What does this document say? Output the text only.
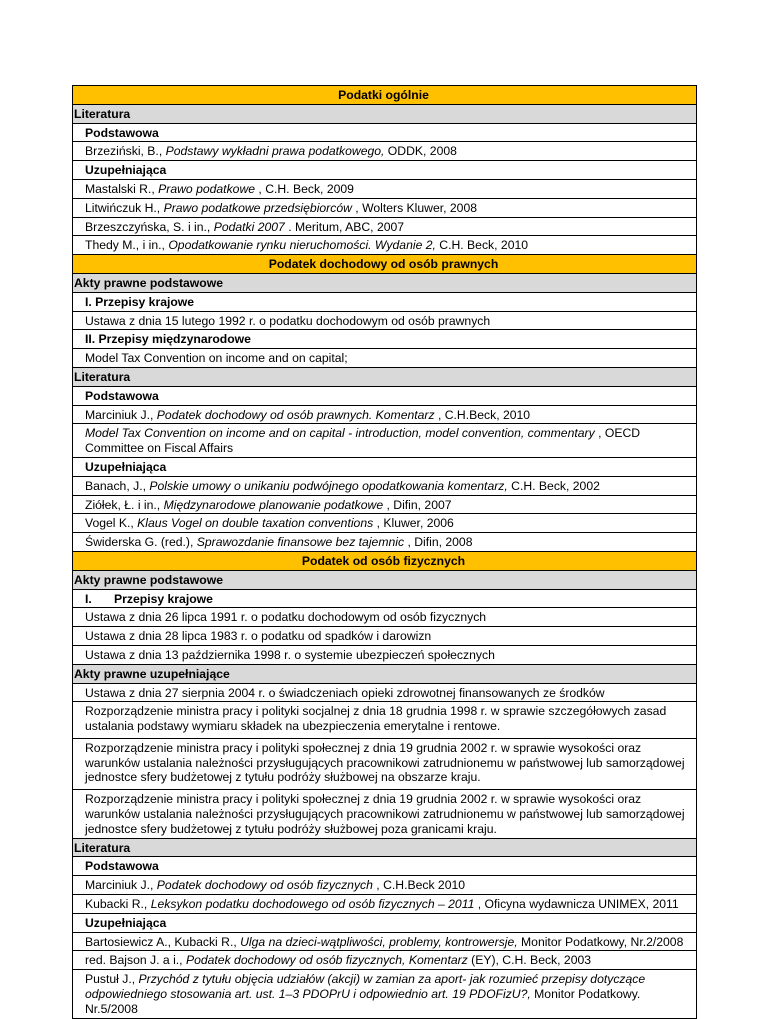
Podatki ogólnie
Literatura
Podstawowa
Brzeziński, B., Podstawy wykładni prawa podatkowego, ODDK, 2008
Uzupełniająca
Mastalski R., Prawo podatkowe , C.H. Beck, 2009
Litwińczuk H., Prawo podatkowe przedsiębiorców , Wolters Kluwer, 2008
Brzeszczyńska, S. i in., Podatki 2007 . Meritum, ABC, 2007
Thedy M., i in., Opodatkowanie rynku nieruchomości. Wydanie 2, C.H. Beck, 2010
Podatek dochodowy od osób prawnych
Akty prawne podstawowe
I. Przepisy krajowe
Ustawa z dnia 15 lutego 1992 r. o podatku dochodowym od osób prawnych
II. Przepisy międzynarodowe
Model Tax Convention on income and on capital;
Literatura
Podstawowa
Marciniuk J., Podatek dochodowy od osób prawnych. Komentarz , C.H.Beck, 2010
Model Tax Convention on income and on capital - introduction, model convention, commentary , OECD Committee on Fiscal Affairs
Uzupełniająca
Banach, J., Polskie umowy o unikaniu podwójnego opodatkowania komentarz, C.H. Beck, 2002
Ziółek, Ł. i in., Międzynarodowe planowanie podatkowe , Difin, 2007
Vogel K., Klaus Vogel on double taxation conventions , Kluwer, 2006
Świderska G. (red.), Sprawozdanie finansowe bez tajemnic , Difin, 2008
Podatek od osób fizycznych
Akty prawne podstawowe
I. Przepisy krajowe
Ustawa z dnia 26 lipca 1991 r. o podatku dochodowym od osób fizycznych
Ustawa z dnia 28 lipca 1983 r. o podatku od spadków i darowizn
Ustawa z dnia 13 października 1998 r. o systemie ubezpieczeń społecznych
Akty prawne uzupełniające
Ustawa z dnia 27 sierpnia 2004 r. o świadczeniach opieki zdrowotnej finansowanych ze środków
Rozporządzenie ministra pracy i polityki socjalnej z dnia 18 grudnia 1998 r. w sprawie szczegółowych zasad ustalania podstawy wymiaru składek na ubezpieczenia emerytalne i rentowe.
Rozporządzenie ministra pracy i polityki społecznej z dnia 19 grudnia 2002 r. w sprawie wysokości oraz warunków ustalania należności przysługujących pracownikowi zatrudnionemu w państwowej lub samorządowej jednostce sfery budżetowej z tytułu podróży służbowej na obszarze kraju.
Rozporządzenie ministra pracy i polityki społecznej z dnia 19 grudnia 2002 r. w sprawie wysokości oraz warunków ustalania należności przysługujących pracownikowi zatrudnionemu w państwowej lub samorządowej jednostce sfery budżetowej z tytułu podróży służbowej poza granicami kraju.
Literatura
Podstawowa
Marciniuk J., Podatek dochodowy od osób fizycznych , C.H.Beck 2010
Kubacki R., Leksykon podatku dochodowego od osób fizycznych – 2011 , Oficyna wydawnicza UNIMEX, 2011
Uzupełniająca
Bartosiewicz A., Kubacki R., Ulga na dzieci-wątpliwości, problemy, kontrowersje, Monitor Podatkowy, Nr.2/2008
red. Bajson J. a i., Podatek dochodowy od osób fizycznych, Komentarz (EY), C.H. Beck, 2003
Pustuł J., Przychód z tytułu objęcia udziałów (akcji) w zamian za aport- jak rozumieć przepisy dotyczące odpowiedniego stosowania art. ust. 1–3 PDOPrU i odpowiednio art. 19 PDOFizU?, Monitor Podatkowy. Nr.5/2008
